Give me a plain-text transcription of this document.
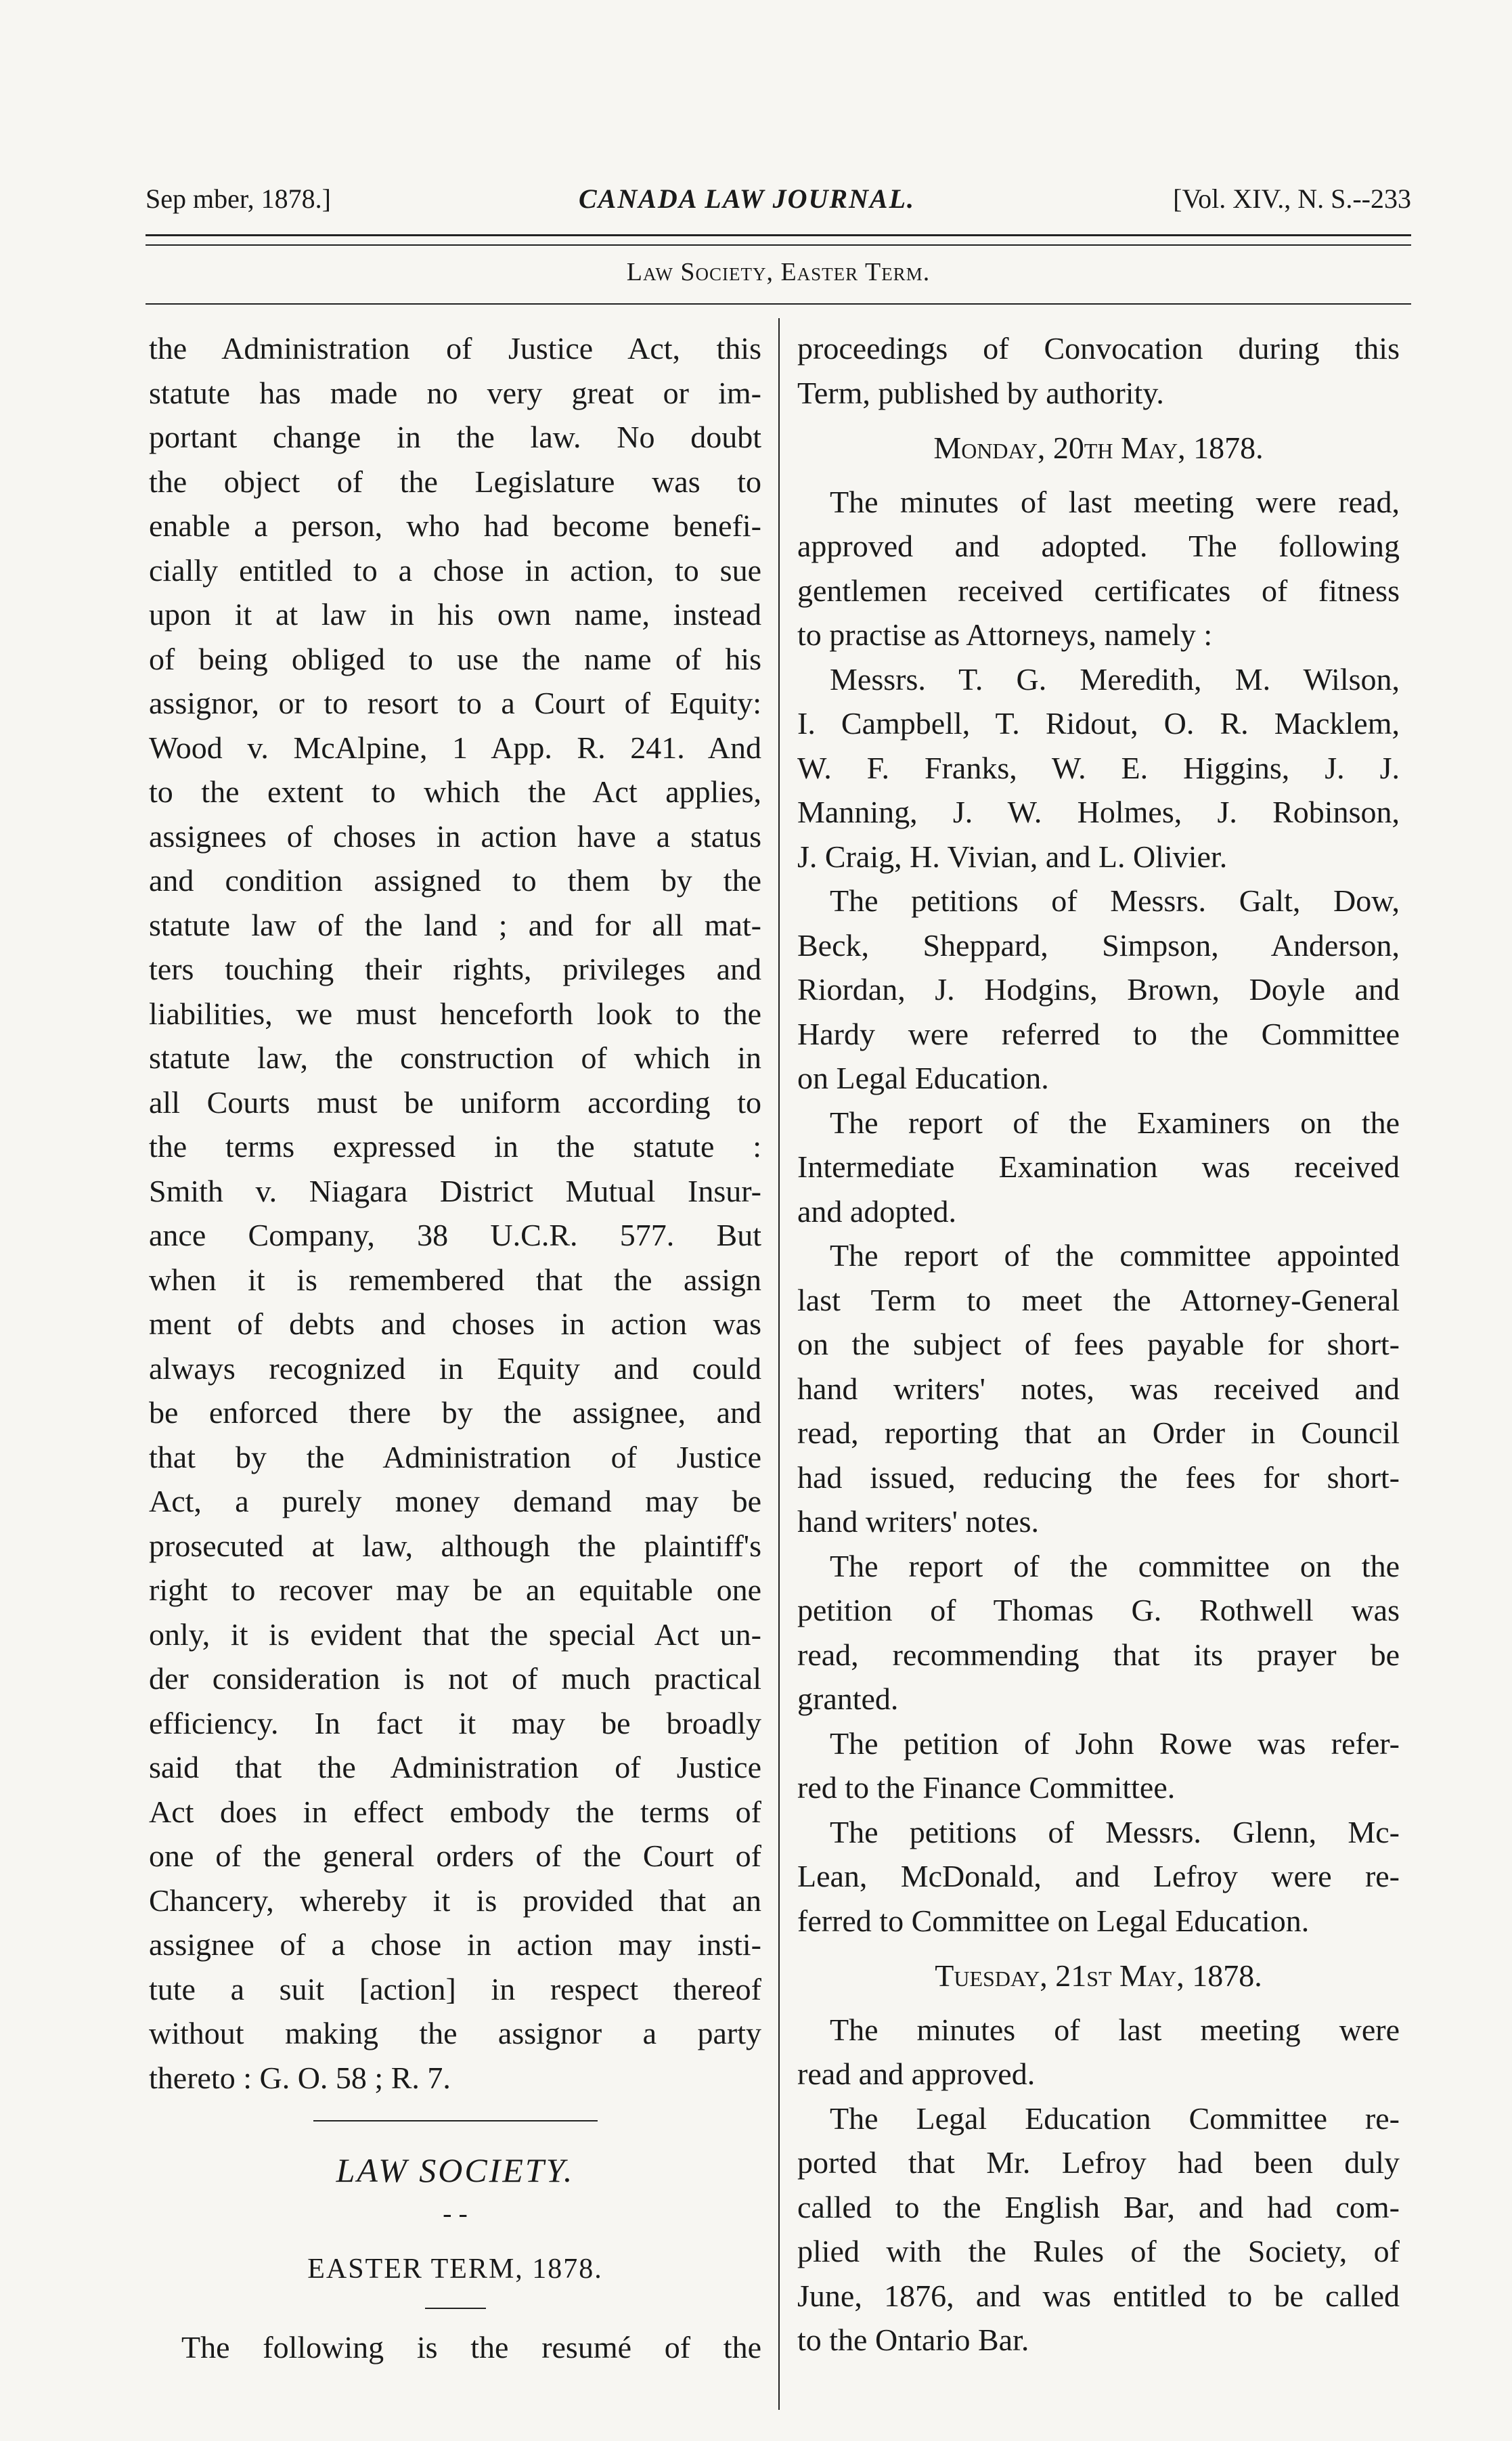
Sep mber, 1878.]	CANADA LAW JOURNAL.	[Vol. XIV., N. S.--233
Law Society, Easter Term.
the Administration of Justice Act, this
statute has made no very great or im-
portant change in the law. No doubt
the object of the Legislature was to
enable a person, who had become benefi-
cially entitled to a chose in action, to sue
upon it at law in his own name, instead
of being obliged to use the name of his
assignor, or to resort to a Court of Equity:
Wood v. McAlpine, 1 App. R. 241. And
to the extent to which the Act applies,
assignees of choses in action have a status
and condition assigned to them by the
statute law of the land ; and for all mat-
ters touching their rights, privileges and
liabilities, we must henceforth look to the
statute law, the construction of which in
all Courts must be uniform according to
the terms expressed in the statute :
Smith v. Niagara District Mutual Insur-
ance Company, 38 U.C.R. 577. But
when it is remembered that the assign
ment of debts and choses in action was
always recognized in Equity and could
be enforced there by the assignee, and
that by the Administration of Justice
Act, a purely money demand may be
prosecuted at law, although the plaintiff's
right to recover may be an equitable one
only, it is evident that the special Act un-
der consideration is not of much practical
efficiency. In fact it may be broadly
said that the Administration of Justice
Act does in effect embody the terms of
one of the general orders of the Court of
Chancery, whereby it is provided that an
assignee of a chose in action may insti-
tute a suit [action] in respect thereof
without making the assignor a party
thereto : G. O. 58 ; R. 7.
LAW SOCIETY.
- -
EASTER TERM, 1878.
The following is the resumé of the
proceedings of Convocation during this
Term, published by authority.
Monday, 20th May, 1878.
The minutes of last meeting were read,
approved and adopted. The following
gentlemen received certificates of fitness
to practise as Attorneys, namely :
Messrs. T. G. Meredith, M. Wilson,
I. Campbell, T. Ridout, O. R. Macklem,
W. F. Franks, W. E. Higgins, J. J.
Manning, J. W. Holmes, J. Robinson,
J. Craig, H. Vivian, and L. Olivier.
The petitions of Messrs. Galt, Dow,
Beck, Sheppard, Simpson, Anderson,
Riordan, J. Hodgins, Brown, Doyle and
Hardy were referred to the Committee
on Legal Education.
The report of the Examiners on the
Intermediate Examination was received
and adopted.
The report of the committee appointed
last Term to meet the Attorney-General
on the subject of fees payable for short-
hand writers' notes, was received and
read, reporting that an Order in Council
had issued, reducing the fees for short-
hand writers' notes.
The report of the committee on the
petition of Thomas G. Rothwell was
read, recommending that its prayer be
granted.
The petition of John Rowe was refer-
red to the Finance Committee.
The petitions of Messrs. Glenn, Mc-
Lean, McDonald, and Lefroy were re-
ferred to Committee on Legal Education.
Tuesday, 21st May, 1878.
The minutes of last meeting were
read and approved.
The Legal Education Committee re-
ported that Mr. Lefroy had been duly
called to the English Bar, and had com-
plied with the Rules of the Society, of
June, 1876, and was entitled to be called
to the Ontario Bar.
